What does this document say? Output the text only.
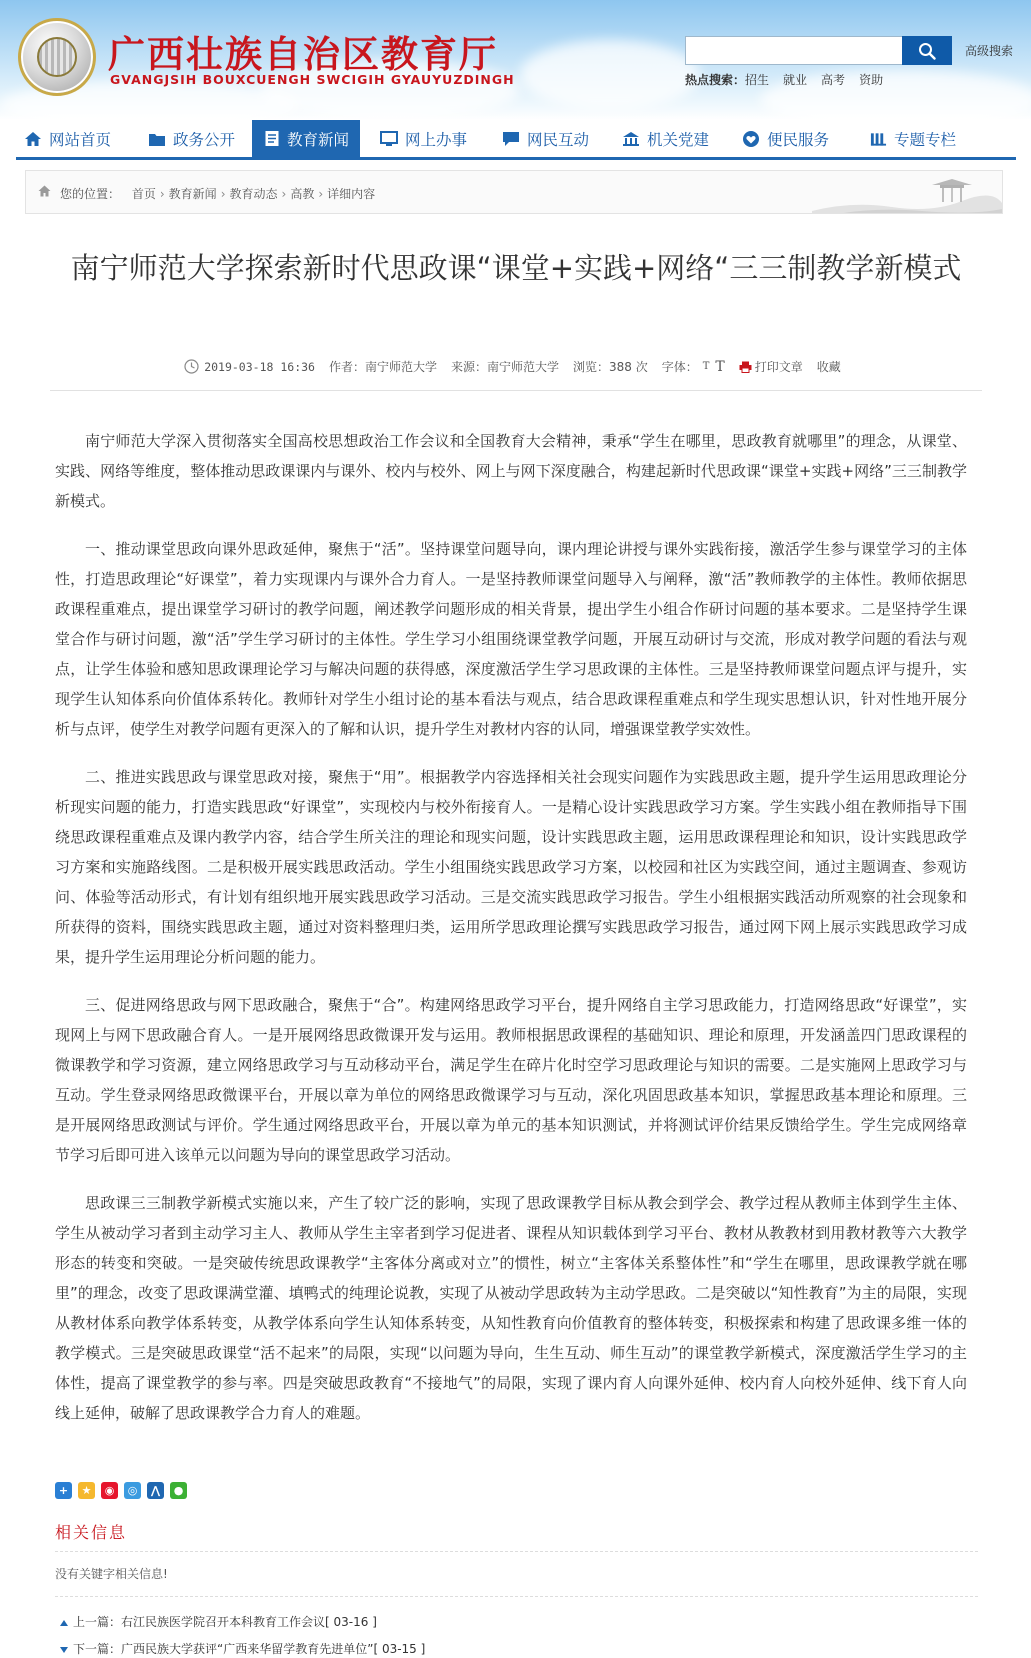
广西壮族自治区教育厅
GVANGJSIH BOUXCUENGH SWCIGIH GYAUYUZDINGH
高级搜索
热点搜索：招生 就业 高考 资助
网站首页	政务公开	教育新闻	网上办事	网民互动	机关党建	便民服务	专题专栏
您的位置： 首页 › 教育新闻 › 教育动态 › 高教 › 详细内容
南宁师范大学探索新时代思政课“课堂+实践+网络“三三制教学新模式
2019-03-18 16:36 作者：南宁师范大学 来源：南宁师范大学 浏览：388 次 字体： T T	打印文章 收藏

南宁师范大学深入贯彻落实全国高校思想政治工作会议和全国教育大会精神，秉承“学生在哪里，思政教育就哪里”的理念，从课堂、实践、网络等维度，整体推动思政课课内与课外、校内与校外、网上与网下深度融合，构建起新时代思政课“课堂+实践+网络”三三制教学新模式。

一、推动课堂思政向课外思政延伸，聚焦于“活”。坚持课堂问题导向，课内理论讲授与课外实践衔接，激活学生参与课堂学习的主体性，打造思政理论“好课堂”，着力实现课内与课外合力育人。一是坚持教师课堂问题导入与阐释，激“活”教师教学的主体性。教师依据思政课程重难点，提出课堂学习研讨的教学问题，阐述教学问题形成的相关背景，提出学生小组合作研讨问题的基本要求。二是坚持学生课堂合作与研讨问题，激“活”学生学习研讨的主体性。学生学习小组围绕课堂教学问题，开展互动研讨与交流，形成对教学问题的看法与观点，让学生体验和感知思政课理论学习与解决问题的获得感，深度激活学生学习思政课的主体性。三是坚持教师课堂问题点评与提升，实现学生认知体系向价值体系转化。教师针对学生小组讨论的基本看法与观点，结合思政课程重难点和学生现实思想认识，针对性地开展分析与点评，使学生对教学问题有更深入的了解和认识，提升学生对教材内容的认同，增强课堂教学实效性。

二、推进实践思政与课堂思政对接，聚焦于“用”。根据教学内容选择相关社会现实问题作为实践思政主题，提升学生运用思政理论分析现实问题的能力，打造实践思政“好课堂”，实现校内与校外衔接育人。一是精心设计实践思政学习方案。学生实践小组在教师指导下围绕思政课程重难点及课内教学内容，结合学生所关注的理论和现实问题，设计实践思政主题，运用思政课程理论和知识，设计实践思政学习方案和实施路线图。二是积极开展实践思政活动。学生小组围绕实践思政学习方案，以校园和社区为实践空间，通过主题调查、参观访问、体验等活动形式，有计划有组织地开展实践思政学习活动。三是交流实践思政学习报告。学生小组根据实践活动所观察的社会现象和所获得的资料，围绕实践思政主题，通过对资料整理归类，运用所学思政理论撰写实践思政学习报告，通过网下网上展示实践思政学习成果，提升学生运用理论分析问题的能力。

三、促进网络思政与网下思政融合，聚焦于“合”。构建网络思政学习平台，提升网络自主学习思政能力，打造网络思政“好课堂”，实现网上与网下思政融合育人。一是开展网络思政微课开发与运用。教师根据思政课程的基础知识、理论和原理，开发涵盖四门思政课程的微课教学和学习资源，建立网络思政学习与互动移动平台，满足学生在碎片化时空学习思政理论与知识的需要。二是实施网上思政学习与互动。学生登录网络思政微课平台，开展以章为单位的网络思政微课学习与互动，深化巩固思政基本知识，掌握思政基本理论和原理。三是开展网络思政测试与评价。学生通过网络思政平台，开展以章为单元的基本知识测试，并将测试评价结果反馈给学生。学生完成网络章节学习后即可进入该单元以问题为导向的课堂思政学习活动。

思政课三三制教学新模式实施以来，产生了较广泛的影响，实现了思政课教学目标从教会到学会、教学过程从教师主体到学生主体、学生从被动学习者到主动学习主人、教师从学生主宰者到学习促进者、课程从知识载体到学习平台、教材从教教材到用教材教等六大教学形态的转变和突破。一是突破传统思政课教学“主客体分离或对立”的惯性，树立“主客体关系整体性”和“学生在哪里，思政课教学就在哪里”的理念，改变了思政课满堂灌、填鸭式的纯理论说教，实现了从被动学思政转为主动学思政。二是突破以“知性教育”为主的局限，实现从教材体系向教学体系转变，从教学体系向学生认知体系转变，从知性教育向价值教育的整体转变，积极探索和构建了思政课多维一体的教学模式。三是突破思政课堂“活不起来”的局限，实现“以问题为导向，生生互动、师生互动”的课堂教学新模式，深度激活学生学习的主体性，提高了课堂教学的参与率。四是突破思政教育“不接地气”的局限，实现了课内育人向课外延伸、校内育人向校外延伸、线下育人向线上延伸，破解了思政课教学合力育人的难题。

+	★	◉	◎	⋀	●
相关信息
没有关键字相关信息!
上一篇：右江民族医学院召开本科教育工作会议[ 03-16 ]
下一篇：广西民族大学获评“广西来华留学教育先进单位”[ 03-15 ]
